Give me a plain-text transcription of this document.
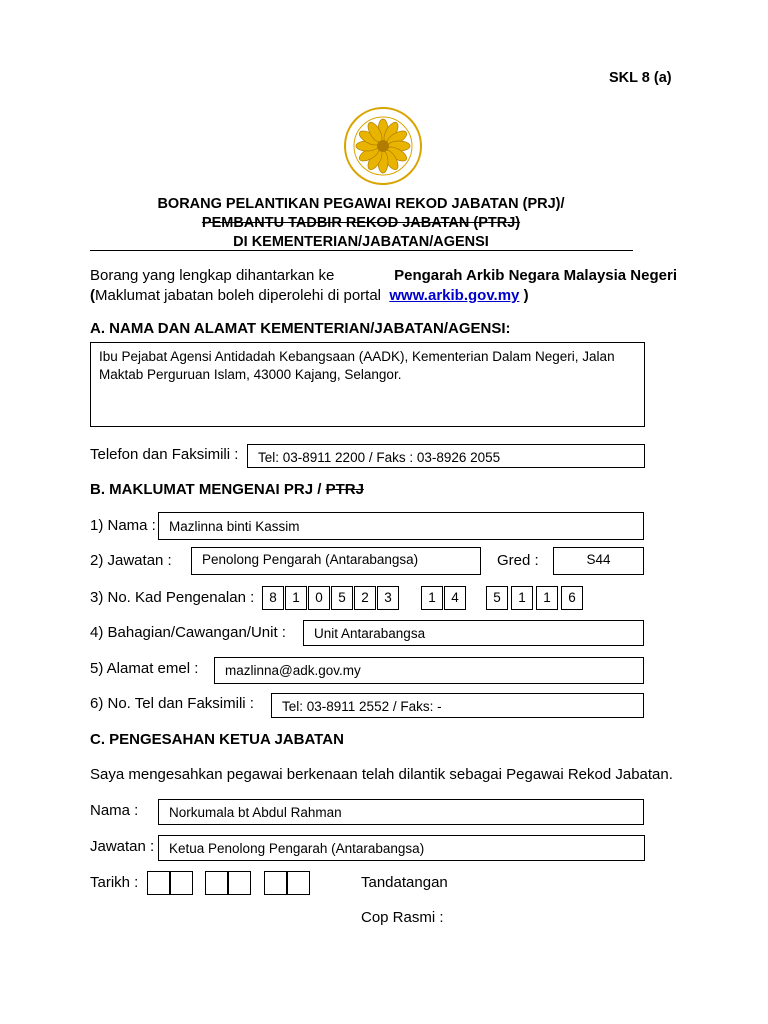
SKL 8 (a)
BORANG PELANTIKAN PEGAWAI REKOD JABATAN (PRJ)/
PEMBANTU TADBIR REKOD JABATAN (PTRJ)
DI KEMENTERIAN/JABATAN/AGENSI
Borang yang lengkap dihantarkan ke	Pengarah Arkib Negara Malaysia Negeri
(Maklumat jabatan boleh diperolehi di portal www.arkib.gov.my )
A. NAMA DAN ALAMAT KEMENTERIAN/JABATAN/AGENSI:
Ibu Pejabat Agensi Antidadah Kebangsaan (AADK), Kementerian Dalam Negeri, Jalan Maktab Perguruan Islam, 43000 Kajang, Selangor.
Telefon dan Faksimili :	Tel: 03-8911 2200 / Faks : 03-8926 2055
B. MAKLUMAT MENGENAI PRJ / PTRJ
1) Nama : Mazlinna binti Kassim
2) Jawatan :	Penolong Pengarah (Antarabangsa)	Gred :	S44
3) No. Kad Pengenalan :	8	1	0	5	2	3	1	4	5	1	1	6
4) Bahagian/Cawangan/Unit :	Unit Antarabangsa
5) Alamat emel :	mazlinna@adk.gov.my
6) No. Tel dan Faksimili :	Tel: 03-8911 2552 / Faks: -
C. PENGESAHAN KETUA JABATAN
Saya mengesahkan pegawai berkenaan telah dilantik sebagai Pegawai Rekod Jabatan.
Nama :	Norkumala bt Abdul Rahman
Jawatan :	Ketua Penolong Pengarah (Antarabangsa)
Tarikh :	Tandatangan
Cop Rasmi :
